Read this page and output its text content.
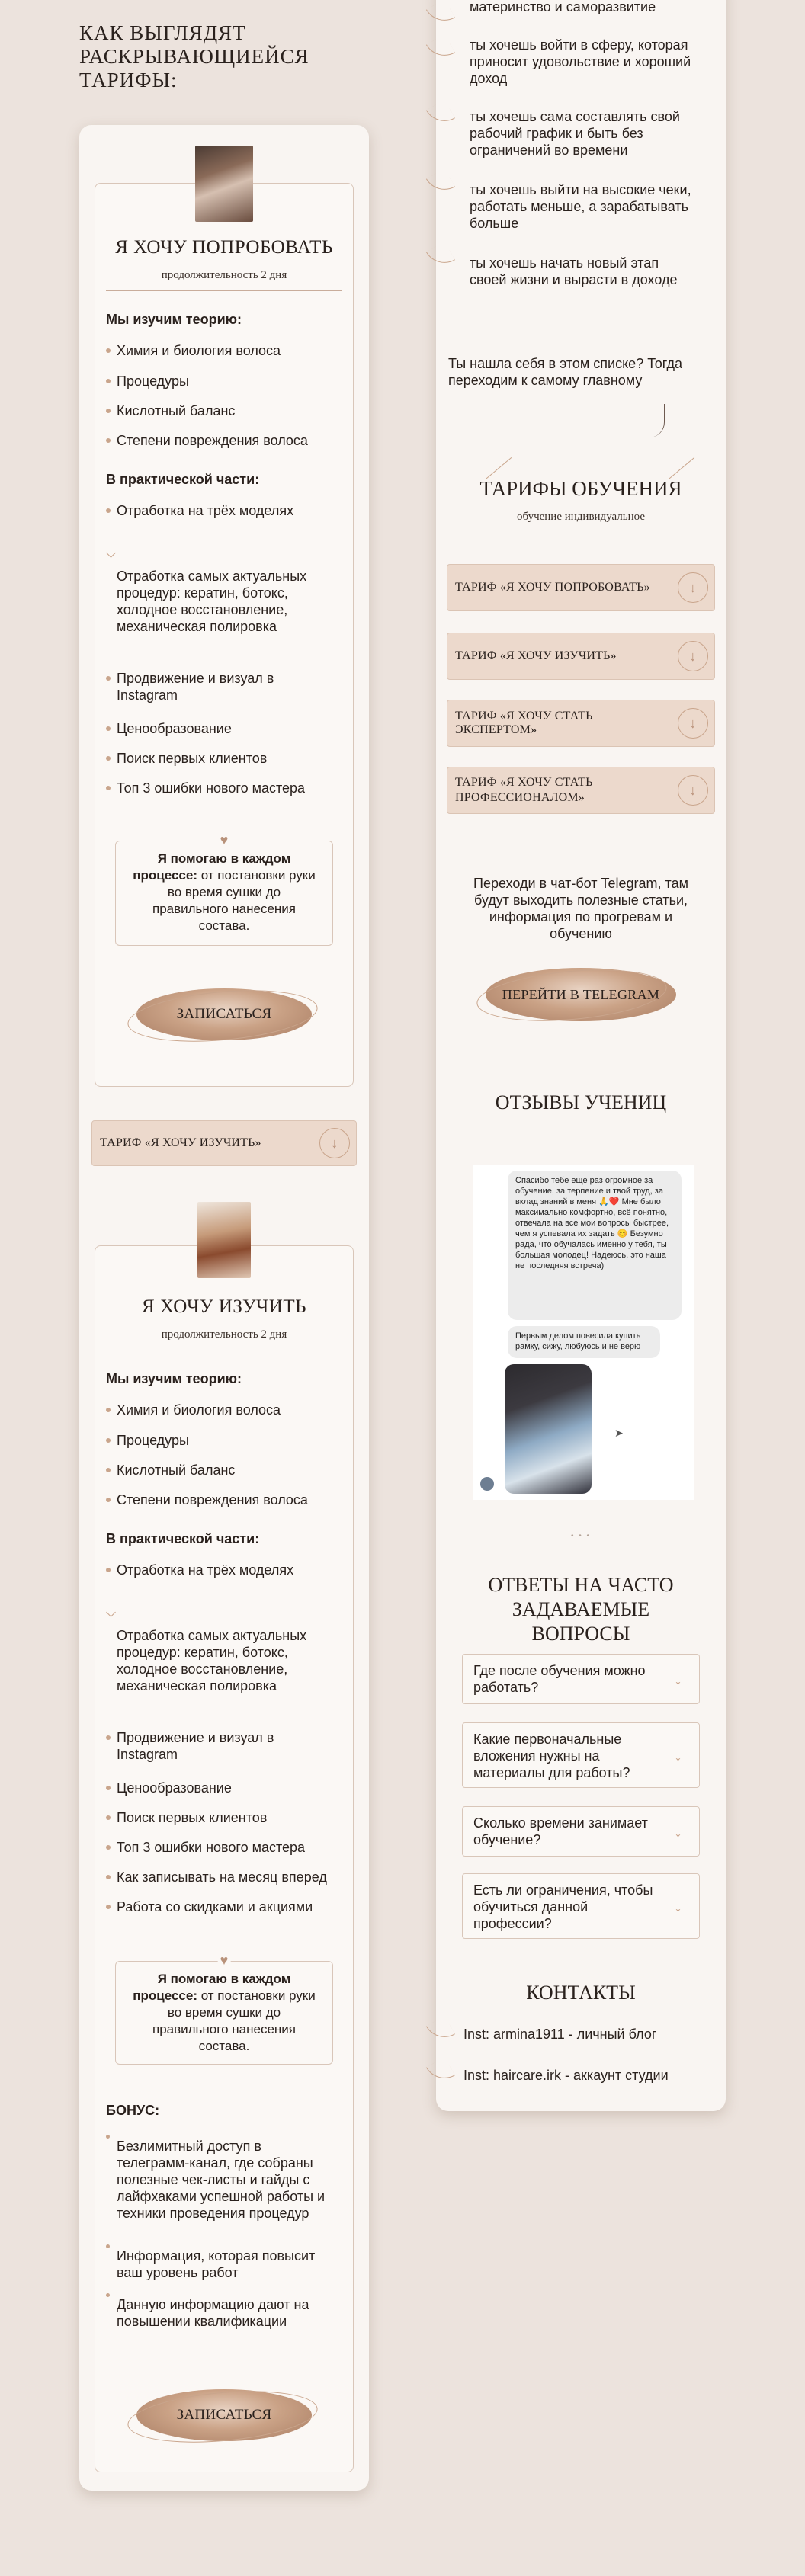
КАК ВЫГЛЯДЯТ РАСКРЫВАЮЩИЕЙСЯ ТАРИФЫ:
Я ХОЧУ ПОПРОБОВАТЬ
продолжительность 2 дня
Мы изучим теорию:
Химия и биология волоса
Процедуры
Кислотный баланс
Степени повреждения волоса
В практической части:
Отработка на трёх моделях
Отработка самых актуальных процедур: кератин, ботокс, холодное восстановление, механическая полировка
Продвижение и визуал в Instagram
Ценообразование
Поиск первых клиентов
Топ 3 ошибки нового мастера
♥
Я помогаю в каждом процессе: от постановки руки во время сушки до правильного нанесения состава.
ЗАПИСАТЬСЯ
ТАРИФ «Я ХОЧУ ИЗУЧИТЬ»	↓
Я ХОЧУ ИЗУЧИТЬ
продолжительность 2 дня
Мы изучим теорию:
Химия и биология волоса
Процедуры
Кислотный баланс
Степени повреждения волоса
В практической части:
Отработка на трёх моделях
Отработка самых актуальных процедур: кератин, ботокс, холодное восстановление, механическая полировка
Продвижение и визуал в Instagram
Ценообразование
Поиск первых клиентов
Топ 3 ошибки нового мастера
Как записывать на месяц вперед
Работа со скидками и акциями
♥
Я помогаю в каждом процессе: от постановки руки во время сушки до правильного нанесения состава.
БОНУС:
Безлимитный доступ в телеграмм-канал, где собраны полезные чек-листы и гайды с лайфхаками успешной работы и техники проведения процедур
Информация, которая повысит ваш уровень работ
Данную информацию дают на повышении квалификации
ЗАПИСАТЬСЯ
материнство и саморазвитие
ты хочешь войти в сферу, которая приносит удовольствие и хороший доход
ты хочешь сама составлять свой рабочий график и быть без ограничений во времени
ты хочешь выйти на высокие чеки, работать меньше, а зарабатывать больше
ты хочешь начать новый этап своей жизни и вырасти в доходе
Ты нашла себя в этом списке? Тогда переходим к самому главному
ТАРИФЫ ОБУЧЕНИЯ
обучение индивидуальное
ТАРИФ «Я ХОЧУ ПОПРОБОВАТЬ»	↓
ТАРИФ «Я ХОЧУ ИЗУЧИТЬ»	↓
ТАРИФ «Я ХОЧУ СТАТЬ ЭКСПЕРТОМ»	↓
ТАРИФ «Я ХОЧУ СТАТЬ ПРОФЕССИОНАЛОМ»	↓
Переходи в чат-бот Telegram, там будут выходить полезные статьи, информация по прогревам и обучению
ПЕРЕЙТИ В TELEGRAM
ОТЗЫВЫ УЧЕНИЦ
Спасибо тебе еще раз огромное за обучение, за терпение и твой труд, за вклад знаний в меня 🙏❤️ Мне было максимально комфортно, всё понятно, отвечала на все мои вопросы быстрее, чем я успевала их задать 😊 Безумно рада, что обучалась именно у тебя, ты большая молодец! Надеюсь, это наша не последняя встреча)
Первым делом повесила купить рамку, сижу, любуюсь и не верю
➤
• • •
ОТВЕТЫ НА ЧАСТО ЗАДАВАЕМЫЕ ВОПРОСЫ
Где после обучения можно работать?	↓
Какие первоначальные вложения нужны на материалы для работы?
↓
Сколько времени занимает обучение?	↓
Есть ли ограничения, чтобы обучиться данной профессии?
↓
КОНТАКТЫ
Inst: armina1911 - личный блог
Inst: haircare.irk - аккаунт студии
